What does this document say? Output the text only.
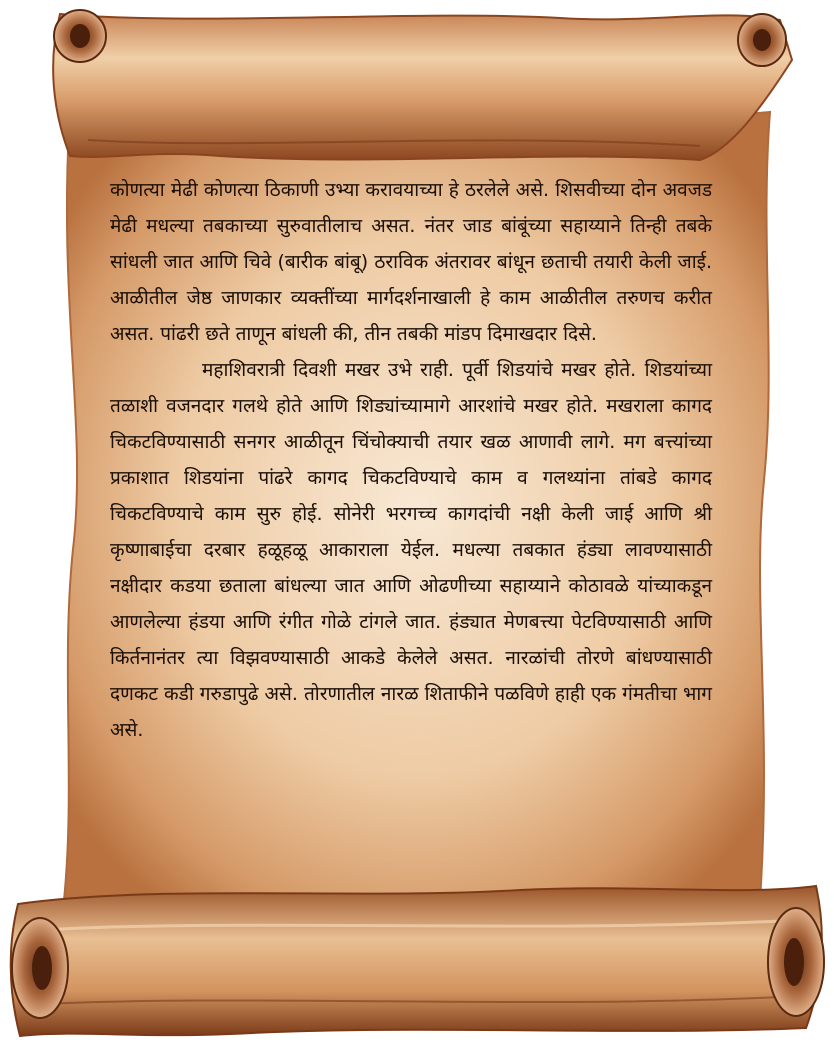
कोणत्या मेढी कोणत्या ठिकाणी उभ्या करावयाच्या हे ठरलेले असे. शिसवीच्या दोन अवजड मेढी मधल्या तबकाच्या सुरुवातीलाच असत. नंतर जाड बांबूंच्या सहाय्याने तिन्ही तबके सांधली जात आणि चिवे (बारीक बांबू) ठराविक अंतरावर बांधून छताची तयारी केली जाई. आळीतील जेष्ठ जाणकार व्यक्तींच्या मार्गदर्शनाखाली हे काम आळीतील तरुणच करीत असत. पांढरी छते ताणून बांधली की, तीन तबकी मांडप दिमाखदार दिसे.

महाशिवरात्री दिवशी मखर उभे राही. पूर्वी शिडयांचे मखर होते. शिडयांच्या तळाशी वजनदार गलथे होते आणि शिड्यांच्यामागे आरशांचे मखर होते. मखराला कागद चिकटविण्यासाठी सनगर आळीतून चिंचोक्याची तयार खळ आणावी लागे. मग बत्त्यांच्या प्रकाशात शिडयांना पांढरे कागद चिकटविण्याचे काम व गलथ्यांना तांबडे कागद चिकटविण्याचे काम सुरु होई. सोनेरी भरगच्च कागदांची नक्षी केली जाई आणि श्री कृष्णाबाईचा दरबार हळूहळू आकाराला येईल. मधल्या तबकात हंड्या लावण्यासाठी नक्षीदार कडया छताला बांधल्या जात आणि ओढणीच्या सहाय्याने कोठावळे यांच्याकडून आणलेल्या हंडया आणि रंगीत गोळे टांगले जात. हंड्यात मेणबत्त्या पेटविण्यासाठी आणि किर्तनानंतर त्या विझवण्यासाठी आकडे केलेले असत. नारळांची तोरणे बांधण्यासाठी दणकट कडी गरुडापुढे असे. तोरणातील नारळ शिताफीने पळविणे हाही एक गंमतीचा भाग असे.
